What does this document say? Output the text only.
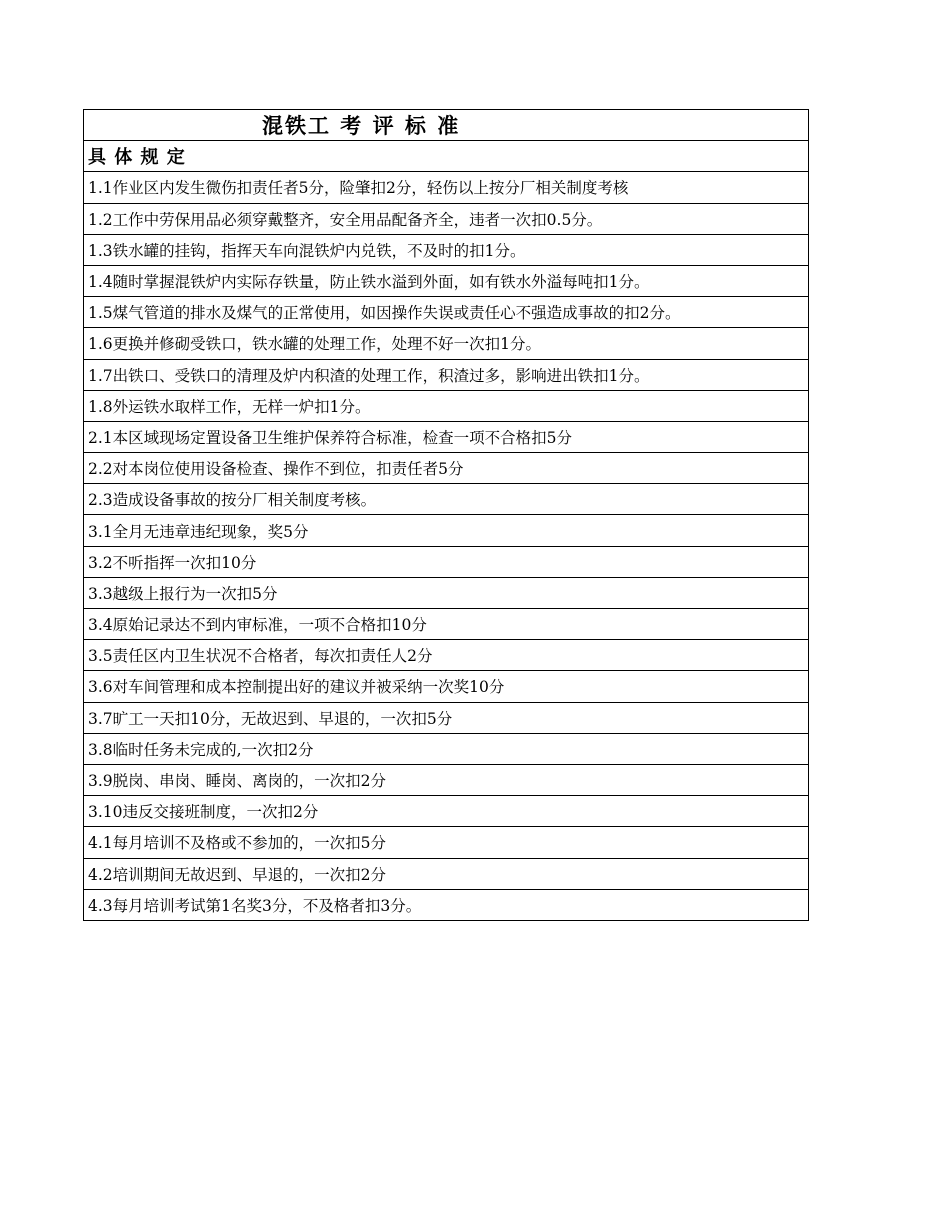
混铁工 考 评 标 准
具 体 规 定
1.1作业区内发生微伤扣责任者5分，险肇扣2分，轻伤以上按分厂相关制度考核
1.2工作中劳保用品必须穿戴整齐，安全用品配备齐全，违者一次扣0.5分。
1.3铁水罐的挂钩，指挥天车向混铁炉内兑铁，不及时的扣1分。
1.4随时掌握混铁炉内实际存铁量，防止铁水溢到外面，如有铁水外溢每吨扣1分。
1.5煤气管道的排水及煤气的正常使用，如因操作失误或责任心不强造成事故的扣2分。
1.6更换并修砌受铁口，铁水罐的处理工作，处理不好一次扣1分。
1.7出铁口、受铁口的清理及炉内积渣的处理工作，积渣过多，影响进出铁扣1分。
1.8外运铁水取样工作，无样一炉扣1分。
2.1本区域现场定置设备卫生维护保养符合标准，检查一项不合格扣5分
2.2对本岗位使用设备检查、操作不到位，扣责任者5分
2.3造成设备事故的按分厂相关制度考核。
3.1全月无违章违纪现象，奖5分
3.2不听指挥一次扣10分
3.3越级上报行为一次扣5分
3.4原始记录达不到内审标准，一项不合格扣10分
3.5责任区内卫生状况不合格者，每次扣责任人2分
3.6对车间管理和成本控制提出好的建议并被采纳一次奖10分
3.7旷工一天扣10分，无故迟到、早退的，一次扣5分
3.8临时任务未完成的,一次扣2分
3.9脱岗、串岗、睡岗、离岗的，一次扣2分
3.10违反交接班制度，一次扣2分
4.1每月培训不及格或不参加的，一次扣5分
4.2培训期间无故迟到、早退的，一次扣2分
4.3每月培训考试第1名奖3分，不及格者扣3分。
